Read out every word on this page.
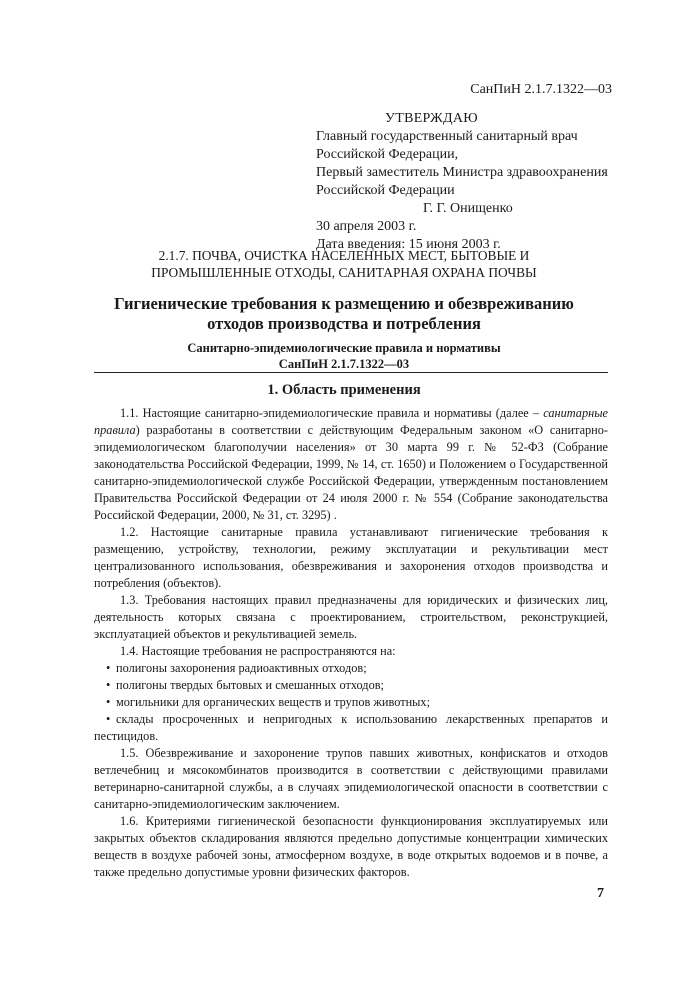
СанПиН 2.1.7.1322—03
УТВЕРЖДАЮ
Главный государственный санитарный врач
Российской Федерации,
Первый заместитель Министра здравоохранения
Российской Федерации
Г. Г. Онищенко
30 апреля 2003 г.
Дата введения: 15 июня 2003 г.
2.1.7. ПОЧВА, ОЧИСТКА НАСЕЛЕННЫХ МЕСТ, БЫТОВЫЕ И
ПРОМЫШЛЕННЫЕ ОТХОДЫ, САНИТАРНАЯ ОХРАНА ПОЧВЫ
Гигиенические требования к размещению и обезвреживанию
отходов производства и потребления
Санитарно-эпидемиологические правила и нормативы
СанПиН 2.1.7.1322—03
1. Область применения

1.1. Настоящие санитарно-эпидемиологические правила и нормативы (далее – санитарные правила) разработаны в соответствии с действующим Федеральным законом «О санитарно-эпидемиологическом благополучии населения» от 30 марта 99 г. № 52-ФЗ (Собрание законодательства Российской Федерации, 1999, № 14, ст. 1650) и Положением о Государственной санитарно-эпидемиологической службе Российской Федерации, утвержденным постановлением Правительства Российской Федерации от 24 июля 2000 г. № 554 (Собрание законодательства Российской Федерации, 2000, № 31, ст. 3295) .

1.2. Настоящие санитарные правила устанавливают гигиенические требования к размещению, устройству, технологии, режиму эксплуатации и рекультивации мест централизованного использования, обезвреживания и захоронения отходов производства и потребления (объектов).

1.3. Требования настоящих правил предназначены для юридических и физических лиц, деятельность которых связана с проектированием, строительством, реконструкцией, эксплуатацией объектов и рекультивацией земель.

1.4. Настоящие требования не распространяются на:

• полигоны захоронения радиоактивных отходов;
• полигоны твердых бытовых и смешанных отходов;
• могильники для органических веществ и трупов животных;
• склады просроченных и непригодных к использованию лекарственных препаратов и пестицидов.

1.5. Обезвреживание и захоронение трупов павших животных, конфискатов и отходов ветлечебниц и мясокомбинатов производится в соответствии с действующими правилами ветеринарно-санитарной службы, а в случаях эпидемиологической опасности в соответствии с санитарно-эпидемиологическим заключением.

1.6. Критериями гигиенической безопасности функционирования эксплуатируемых или закрытых объектов складирования являются предельно допустимые концентрации химических веществ в воздухе рабочей зоны, атмосферном воздухе, в воде открытых водоемов и в почве, а также предельно допустимые уровни физических факторов.

7
